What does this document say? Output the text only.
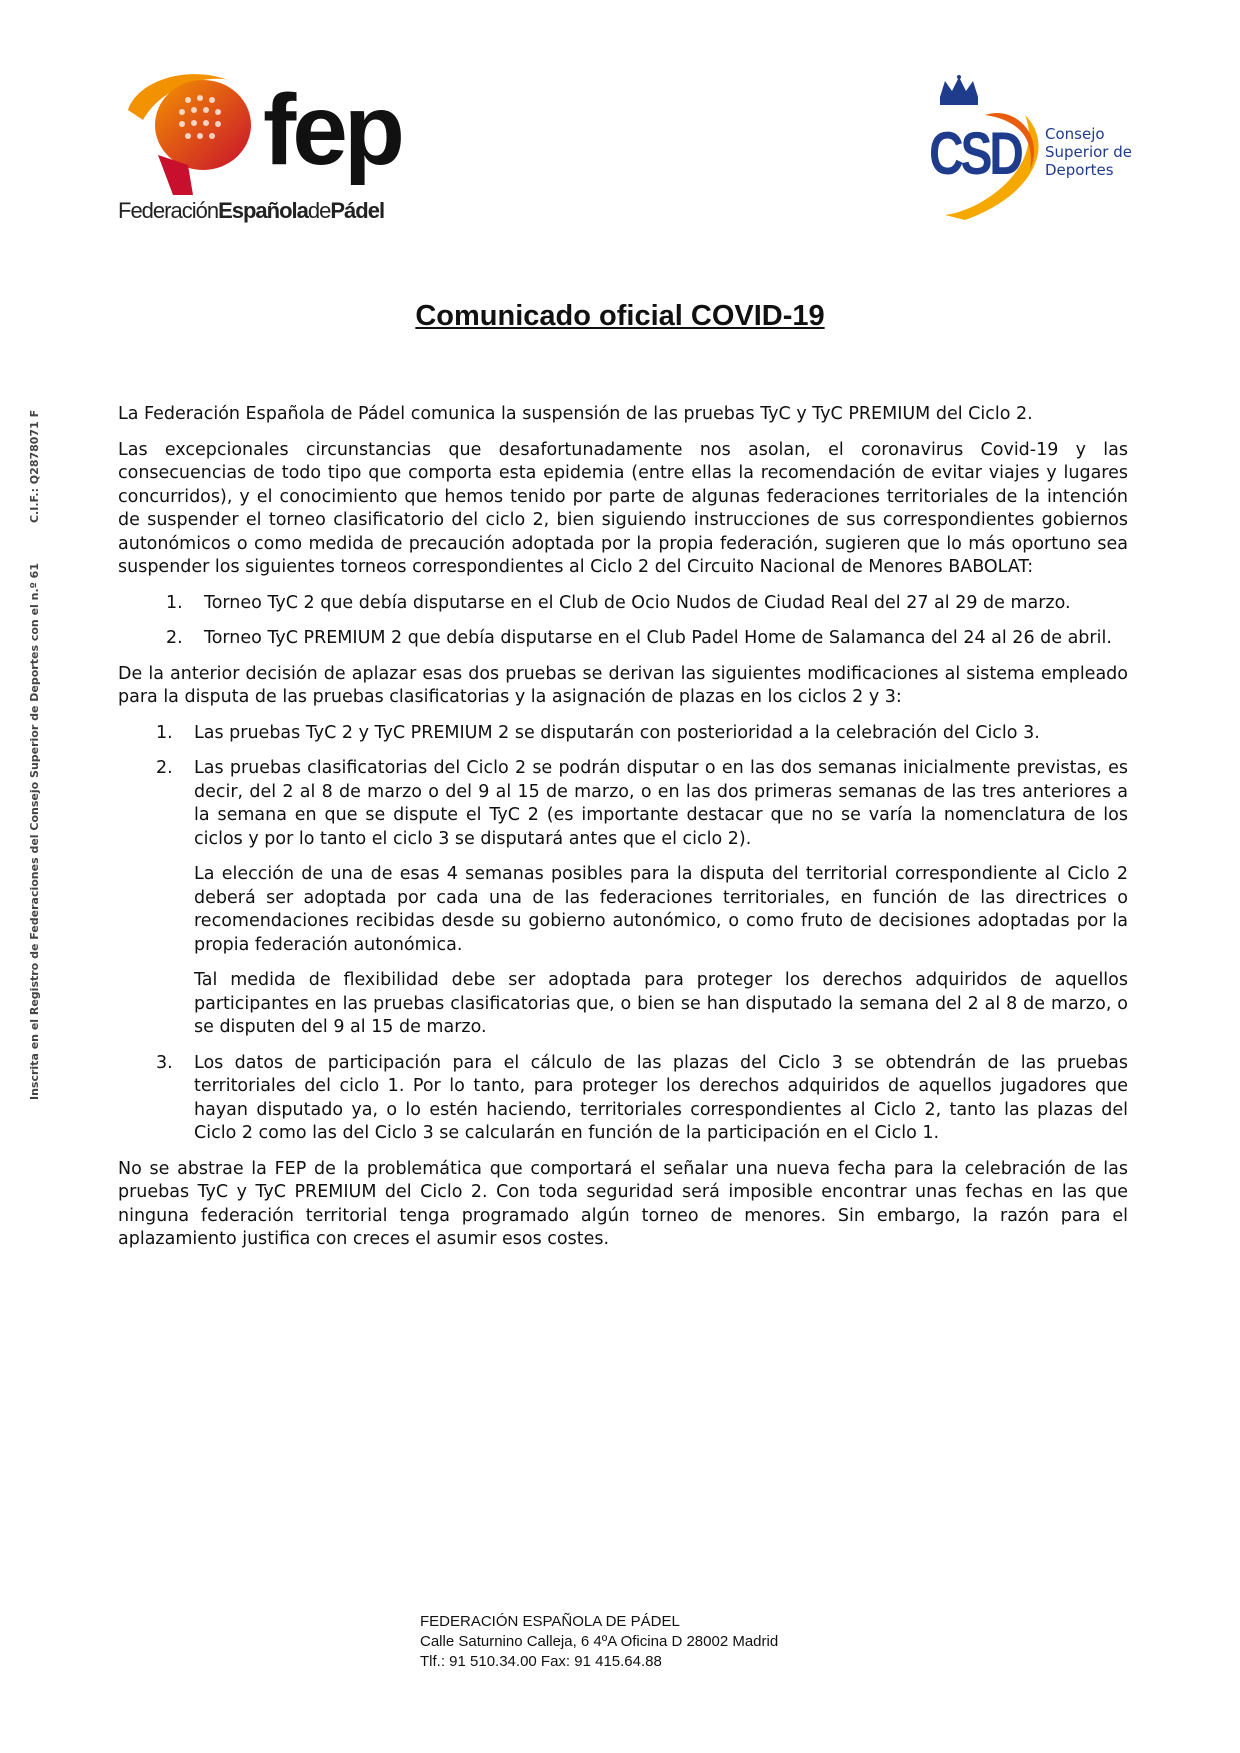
fep
FederaciónEspañoladePádel
CSD Consejo
Superior de
Deportes
Inscrita en el Registro de Federaciones del Consejo Superior de Deportes con el n.º 61C.I.F.: Q2878071 F
Comunicado oficial COVID-19

La Federación Española de Pádel comunica la suspensión de las pruebas TyC y TyC PREMIUM del Ciclo 2.

Las excepcionales circunstancias que desafortunadamente nos asolan, el coronavirus Covid-19 y las consecuencias de todo tipo que comporta esta epidemia (entre ellas la recomendación de evitar viajes y lugares concurridos), y el conocimiento que hemos tenido por parte de algunas federaciones territoriales de la intención de suspender el torneo clasificatorio del ciclo 2, bien siguiendo instrucciones de sus correspondientes gobiernos autonómicos o como medida de precaución adoptada por la propia federación, sugieren que lo más oportuno sea suspender los siguientes torneos correspondientes al Ciclo 2 del Circuito Nacional de Menores BABOLAT:

1. Torneo TyC 2 que debía disputarse en el Club de Ocio Nudos de Ciudad Real del 27 al 29 de marzo.
2. Torneo TyC PREMIUM 2 que debía disputarse en el Club Padel Home de Salamanca del 24 al 26 de abril.

De la anterior decisión de aplazar esas dos pruebas se derivan las siguientes modificaciones al sistema empleado para la disputa de las pruebas clasificatorias y la asignación de plazas en los ciclos 2 y 3:

1. Las pruebas TyC 2 y TyC PREMIUM 2 se disputarán con posterioridad a la celebración del Ciclo 3.
2. Las pruebas clasificatorias del Ciclo 2 se podrán disputar o en las dos semanas inicialmente previstas, es decir, del 2 al 8 de marzo o del 9 al 15 de marzo, o en las dos primeras semanas de las tres anteriores a la semana en que se dispute el TyC 2 (es importante destacar que no se varía la nomenclatura de los ciclos y por lo tanto el ciclo 3 se disputará antes que el ciclo 2).

La elección de una de esas 4 semanas posibles para la disputa del territorial correspondiente al Ciclo 2 deberá ser adoptada por cada una de las federaciones territoriales, en función de las directrices o recomendaciones recibidas desde su gobierno autonómico, o como fruto de decisiones adoptadas por la propia federación autonómica.

Tal medida de flexibilidad debe ser adoptada para proteger los derechos adquiridos de aquellos participantes en las pruebas clasificatorias que, o bien se han disputado la semana del 2 al 8 de marzo, o se disputen del 9 al 15 de marzo.

3. Los datos de participación para el cálculo de las plazas del Ciclo 3 se obtendrán de las pruebas territoriales del ciclo 1. Por lo tanto, para proteger los derechos adquiridos de aquellos jugadores que hayan disputado ya, o lo estén haciendo, territoriales correspondientes al Ciclo 2, tanto las plazas del Ciclo 2 como las del Ciclo 3 se calcularán en función de la participación en el Ciclo 1.

No se abstrae la FEP de la problemática que comportará el señalar una nueva fecha para la celebración de las pruebas TyC y TyC PREMIUM del Ciclo 2. Con toda seguridad será imposible encontrar unas fechas en las que ninguna federación territorial tenga programado algún torneo de menores. Sin embargo, la razón para el aplazamiento justifica con creces el asumir esos costes.

FEDERACIÓN ESPAÑOLA DE PÁDEL
Calle Saturnino Calleja, 6 4ºA Oficina D 28002 Madrid
Tlf.: 91 510.34.00 Fax: 91 415.64.88
